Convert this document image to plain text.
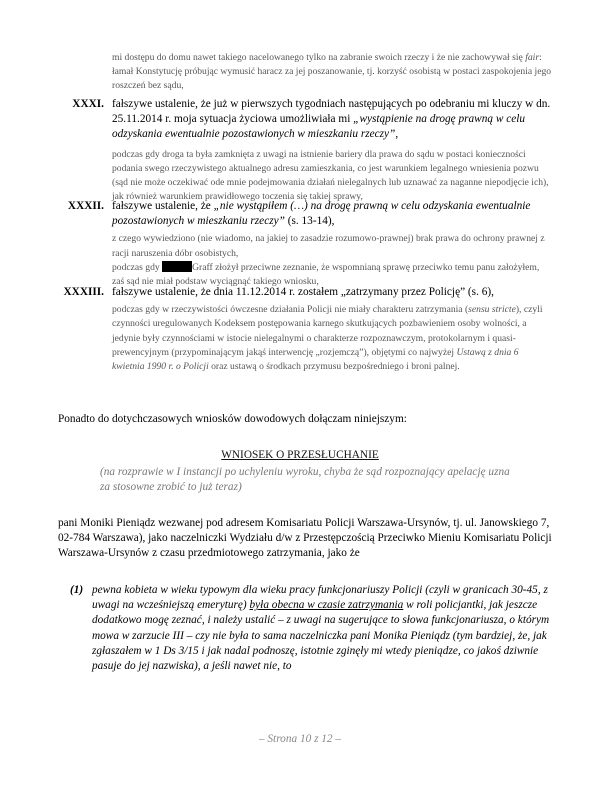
mi dostępu do domu nawet takiego nacelowanego tylko na zabranie swoich rzeczy i że nie zachowywał się fair: łamał Konstytucję próbując wymusić haracz za jej poszanowanie, tj. korzyść osobistą w postaci zaspokojenia jego roszczeń bez sądu,
XXXI. fałszywe ustalenie, że już w pierwszych tygodniach następujących po odebraniu mi kluczy w dn. 25.11.2014 r. moja sytuacja życiowa umożliwiała mi „wystąpienie na drogę prawną w celu odzyskania ewentualnie pozostawionych w mieszkaniu rzeczy”,
podczas gdy droga ta była zamknięta z uwagi na istnienie bariery dla prawa do sądu w postaci konieczności podania swego rzeczywistego aktualnego adresu zamieszkania, co jest warunkiem legalnego wniesienia pozwu (sąd nie może oczekiwać ode mnie podejmowania działań nielegalnych lub uznawać za naganne niepodjęcie ich), jak również warunkiem prawidłowego toczenia się takiej sprawy,
XXXII. fałszywe ustalenie, że „nie wystąpiłem (…) na drogę prawną w celu odzyskania ewentualnie pozostawionych w mieszkaniu rzeczy” (s. 13-14),
z czego wywiedziono (nie wiadomo, na jakiej to zasadzie rozumowo-prawnej) brak prawa do ochrony prawnej z racji naruszenia dóbr osobistych,
podczas gdy	Graff złożył przeciwne zeznanie, że wspomnianą sprawę przeciwko temu panu założyłem, zaś sąd nie miał podstaw wyciągnąć takiego wniosku,
XXXIII. fałszywe ustalenie, że dnia 11.12.2014 r. zostałem „zatrzymany przez Policję” (s. 6),
podczas gdy w rzeczywistości ówczesne działania Policji nie miały charakteru zatrzymania (sensu stricte), czyli czynności uregulowanych Kodeksem postępowania karnego skutkujących pozbawieniem osoby wolności, a jedynie były czynnościami w istocie nielegalnymi o charakterze rozpoznawczym, protokolarnym i quasi-prewencyjnym (przypominającym jakąś interwencję „rozjemczą”), objętymi co najwyżej Ustawą z dnia 6 kwietnia 1990 r. o Policji oraz ustawą o środkach przymusu bezpośredniego i broni palnej.
Ponadto do dotychczasowych wniosków dowodowych dołączam niniejszym:
WNIOSEK O PRZESŁUCHANIE
(na rozprawie w I instancji po uchyleniu wyroku, chyba że sąd rozpoznający apelację uzna za stosowne zrobić to już teraz)
pani Moniki Pieniądz wezwanej pod adresem Komisariatu Policji Warszawa-Ursynów, tj. ul. Janowskiego 7, 02-784 Warszawa), jako naczelniczki Wydziału d/w z Przestępczością Przeciwko Mieniu Komisariatu Policji Warszawa-Ursynów z czasu przedmiotowego zatrzymania, jako że
(1) pewna kobieta w wieku typowym dla wieku pracy funkcjonariuszy Policji (czyli w granicach 30-45, z uwagi na wcześniejszą emeryturę) była obecna w czasie zatrzymania w roli policjantki, jak jeszcze dodatkowo mogę zeznać, i należy ustalić – z uwagi na sugerujące to słowa funkcjonariusza, o którym mowa w zarzucie III – czy nie była to sama naczelniczka pani Monika Pieniądz (tym bardziej, że, jak zgłaszałem w 1 Ds 3/15 i jak nadal podnoszę, istotnie zginęły mi wtedy pieniądze, co jakoś dziwnie pasuje do jej nazwiska), a jeśli nawet nie, to
– Strona 10 z 12 –
